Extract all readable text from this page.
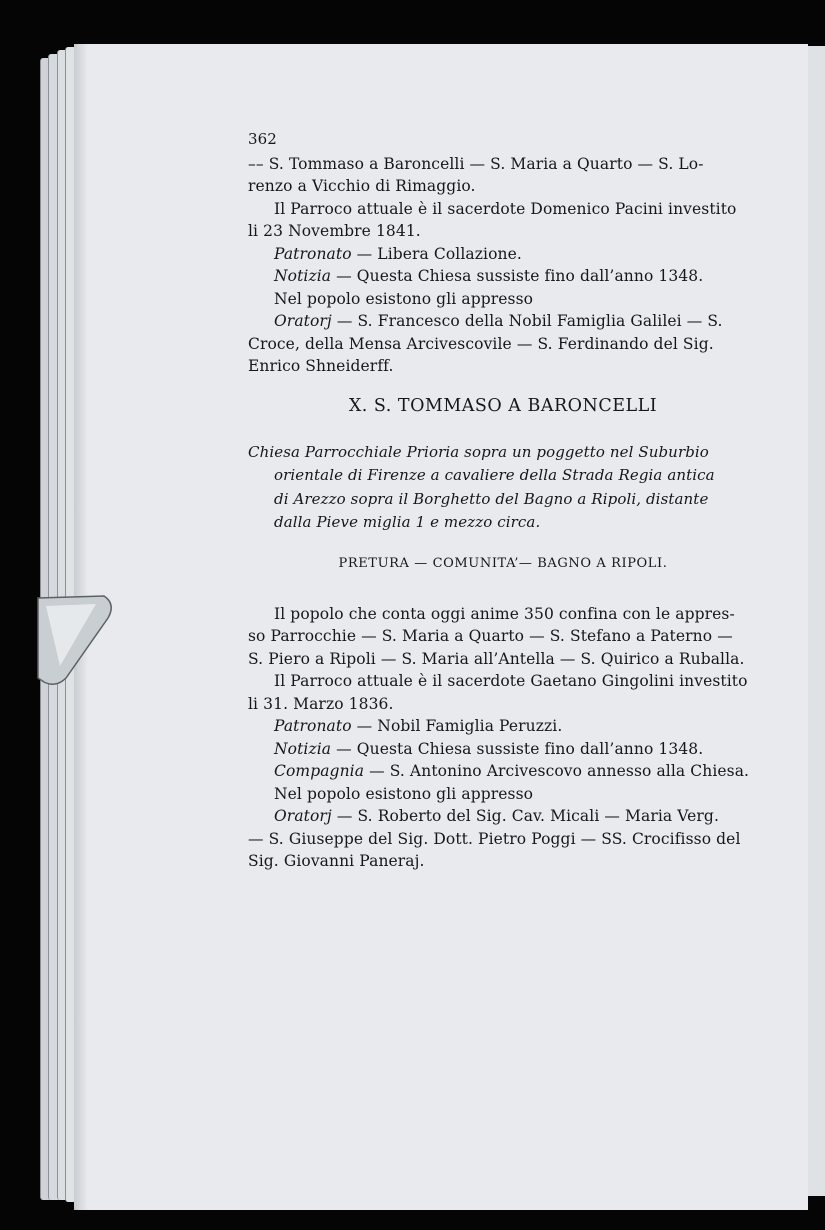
362
–– S. Tommaso a Baroncelli — S. Maria a Quarto — S. Lo-
renzo a Vicchio di Rimaggio.
Il Parroco attuale è il sacerdote Domenico Pacini investito
li 23 Novembre 1841.
Patronato — Libera Collazione.
Notizia — Questa Chiesa sussiste fino dall’anno 1348.
Nel popolo esistono gli appresso
Oratorj — S. Francesco della Nobil Famiglia Galilei — S.
Croce, della Mensa Arcivescovile — S. Ferdinando del Sig.
Enrico Shneiderff.
X. S. TOMMASO A BARONCELLI
Chiesa Parrocchiale Prioria sopra un poggetto nel Suburbio
orientale di Firenze a cavaliere della Strada Regia antica
di Arezzo sopra il Borghetto del Bagno a Ripoli, distante
dalla Pieve miglia 1 e mezzo circa.
PRETURA — COMUNITA’— BAGNO A RIPOLI.
Il popolo che conta oggi anime 350 confina con le appres-
so Parrocchie — S. Maria a Quarto — S. Stefano a Paterno —
S. Piero a Ripoli — S. Maria all’Antella — S. Quirico a Ruballa.
Il Parroco attuale è il sacerdote Gaetano Gingolini investito
li 31. Marzo 1836.
Patronato — Nobil Famiglia Peruzzi.
Notizia — Questa Chiesa sussiste fino dall’anno 1348.
Compagnia — S. Antonino Arcivescovo annesso alla Chiesa.
Nel popolo esistono gli appresso
Oratorj — S. Roberto del Sig. Cav. Micali — Maria Verg.
— S. Giuseppe del Sig. Dott. Pietro Poggi — SS. Crocifisso del
Sig. Giovanni Paneraj.
